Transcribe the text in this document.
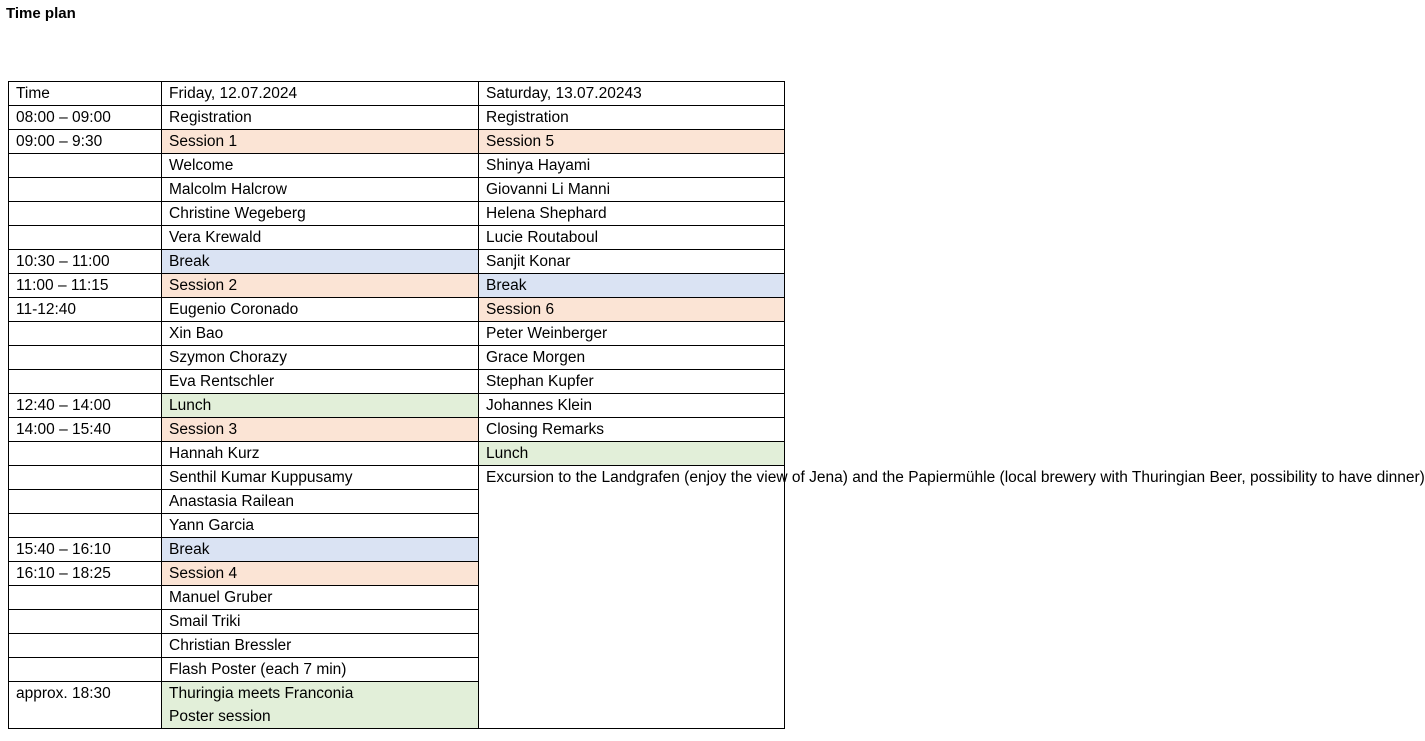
Time plan
Time	Friday, 12.07.2024	Saturday, 13.07.20243
08:00 – 09:00	Registration	Registration
09:00 – 9:30	Session 1	Session 5
	Welcome	Shinya Hayami
	Malcolm Halcrow	Giovanni Li Manni
	Christine Wegeberg	Helena Shephard
	Vera Krewald	Lucie Routaboul
10:30 – 11:00	Break	Sanjit Konar
11:00 – 11:15	Session 2	Break
11-12:40	Eugenio Coronado	Session 6
	Xin Bao	Peter Weinberger
	Szymon Chorazy	Grace Morgen
	Eva Rentschler	Stephan Kupfer
12:40 – 14:00	Lunch	Johannes Klein
14:00 – 15:40	Session 3	Closing Remarks
	Hannah Kurz	Lunch
	Senthil Kumar Kuppusamy	Excursion to the Landgrafen (enjoy the view of Jena) and the Papiermühle (local brewery with Thuringian Beer, possibility to have dinner)
	Anastasia Railean	
	Yann Garcia	
15:40 – 16:10	Break	
16:10 – 18:25	Session 4	
	Manuel Gruber	
	Smail Triki	
	Christian Bressler	
	Flash Poster (each 7 min)	
approx. 18:30	Thuringia meets Franconia
Poster session	
